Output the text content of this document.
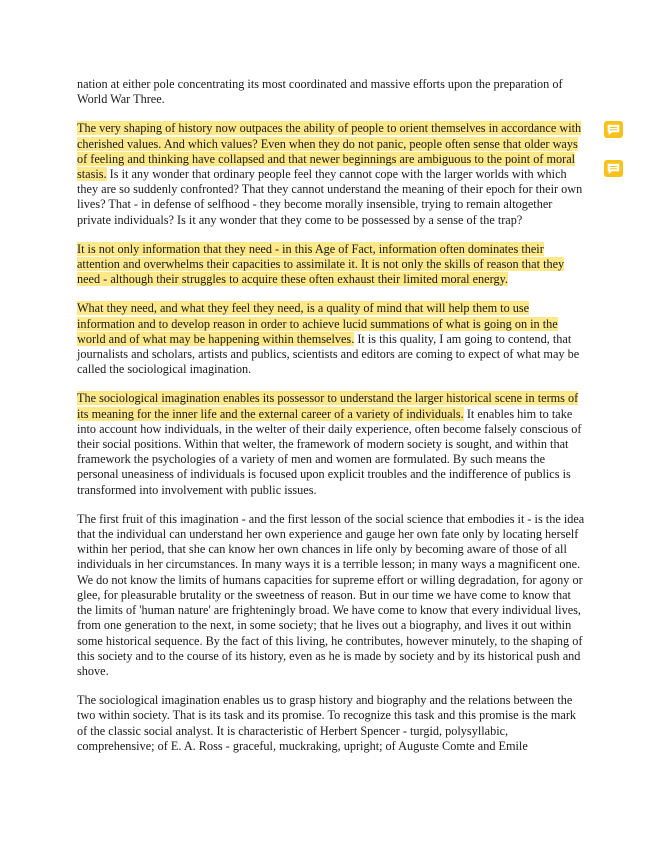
nation at either pole concentrating its most coordinated and massive efforts upon the preparation of World War Three.

The very shaping of history now outpaces the ability of people to orient themselves in accordance with cherished values. And which values? Even when they do not panic, people often sense that older ways of feeling and thinking have collapsed and that newer beginnings are ambiguous to the point of moral stasis. Is it any wonder that ordinary people feel they cannot cope with the larger worlds with which they are so suddenly confronted? That they cannot understand the meaning of their epoch for their own lives? That - in defense of selfhood - they become morally insensible, trying to remain altogether private individuals? Is it any wonder that they come to be possessed by a sense of the trap?

It is not only information that they need - in this Age of Fact, information often dominates their attention and overwhelms their capacities to assimilate it. It is not only the skills of reason that they need - although their struggles to acquire these often exhaust their limited moral energy.

What they need, and what they feel they need, is a quality of mind that will help them to use information and to develop reason in order to achieve lucid summations of what is going on in the world and of what may be happening within themselves. It is this quality, I am going to contend, that journalists and scholars, artists and publics, scientists and editors are coming to expect of what may be called the sociological imagination.

The sociological imagination enables its possessor to understand the larger historical scene in terms of its meaning for the inner life and the external career of a variety of individuals. It enables him to take into account how individuals, in the welter of their daily experience, often become falsely conscious of their social positions. Within that welter, the framework of modern society is sought, and within that framework the psychologies of a variety of men and women are formulated. By such means the personal uneasiness of individuals is focused upon explicit troubles and the indifference of publics is transformed into involvement with public issues.

The first fruit of this imagination - and the first lesson of the social science that embodies it - is the idea that the individual can understand her own experience and gauge her own fate only by locating herself within her period, that she can know her own chances in life only by becoming aware of those of all individuals in her circumstances. In many ways it is a terrible lesson; in many ways a magnificent one. We do not know the limits of humans capacities for supreme effort or willing degradation, for agony or glee, for pleasurable brutality or the sweetness of reason. But in our time we have come to know that the limits of 'human nature' are frighteningly broad. We have come to know that every individual lives, from one generation to the next, in some society; that he lives out a biography, and lives it out within some historical sequence. By the fact of this living, he contributes, however minutely, to the shaping of this society and to the course of its history, even as he is made by society and by its historical push and shove.

The sociological imagination enables us to grasp history and biography and the relations between the two within society. That is its task and its promise. To recognize this task and this promise is the mark of the classic social analyst. It is characteristic of Herbert Spencer - turgid, polysyllabic, comprehensive; of E. A. Ross - graceful, muckraking, upright; of Auguste Comte and Emile
